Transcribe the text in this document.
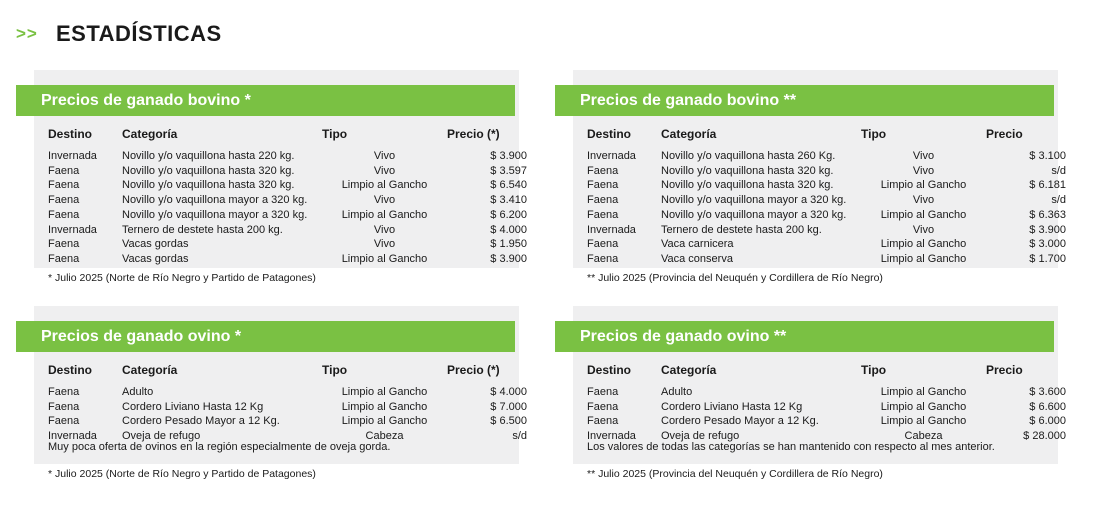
>> ESTADÍSTICAS
Precios de ganado bovino *
Destino	Categoría	Tipo	Precio (*)

Invernada	Novillo y/o vaquillona hasta 220 kg.	Vivo	$ 3.900
Faena	Novillo y/o vaquillona hasta 320 kg.	Vivo	$ 3.597
Faena	Novillo y/o vaquillona hasta 320 kg.	Limpio al Gancho	$ 6.540
Faena	Novillo y/o vaquillona mayor a 320 kg.	Vivo	$ 3.410
Faena	Novillo y/o vaquillona mayor a 320 kg.	Limpio al Gancho	$ 6.200
Invernada	Ternero de destete hasta 200 kg.	Vivo	$ 4.000
Faena	Vacas gordas	Vivo	$ 1.950
Faena	Vacas gordas	Limpio al Gancho	$ 3.900
* Julio 2025 (Norte de Río Negro y Partido de Patagones)
Precios de ganado bovino **
Destino	Categoría	Tipo	Precio

Invernada	Novillo y/o vaquillona hasta 260 Kg.	Vivo	$ 3.100
Faena	Novillo y/o vaquillona hasta 320 kg.	Vivo	s/d
Faena	Novillo y/o vaquillona hasta 320 kg.	Limpio al Gancho	$ 6.181
Faena	Novillo y/o vaquillona mayor a 320 kg.	Vivo	s/d
Faena	Novillo y/o vaquillona mayor a 320 kg.	Limpio al Gancho	$ 6.363
Invernada	Ternero de destete hasta 200 kg.	Vivo	$ 3.900
Faena	Vaca carnicera	Limpio al Gancho	$ 3.000
Faena	Vaca conserva	Limpio al Gancho	$ 1.700
** Julio 2025 (Provincia del Neuquén y Cordillera de Río Negro)
Precios de ganado ovino *
Destino	Categoría	Tipo	Precio (*)

Faena	Adulto	Limpio al Gancho	$ 4.000
Faena	Cordero Liviano Hasta 12 Kg	Limpio al Gancho	$ 7.000
Faena	Cordero Pesado Mayor a 12 Kg.	Limpio al Gancho	$ 6.500
Invernada	Oveja de refugo	Cabeza	s/d
Muy poca oferta de ovinos en la región especialmente de oveja gorda.
* Julio 2025 (Norte de Río Negro y Partido de Patagones)
Precios de ganado ovino **
Destino	Categoría	Tipo	Precio

Faena	Adulto	Limpio al Gancho	$ 3.600
Faena	Cordero Liviano Hasta 12 Kg	Limpio al Gancho	$ 6.600
Faena	Cordero Pesado Mayor a 12 Kg.	Limpio al Gancho	$ 6.000
Invernada	Oveja de refugo	Cabeza	$ 28.000
Los valores de todas las categorías se han mantenido con respecto al mes anterior.
** Julio 2025 (Provincia del Neuquén y Cordillera de Río Negro)
